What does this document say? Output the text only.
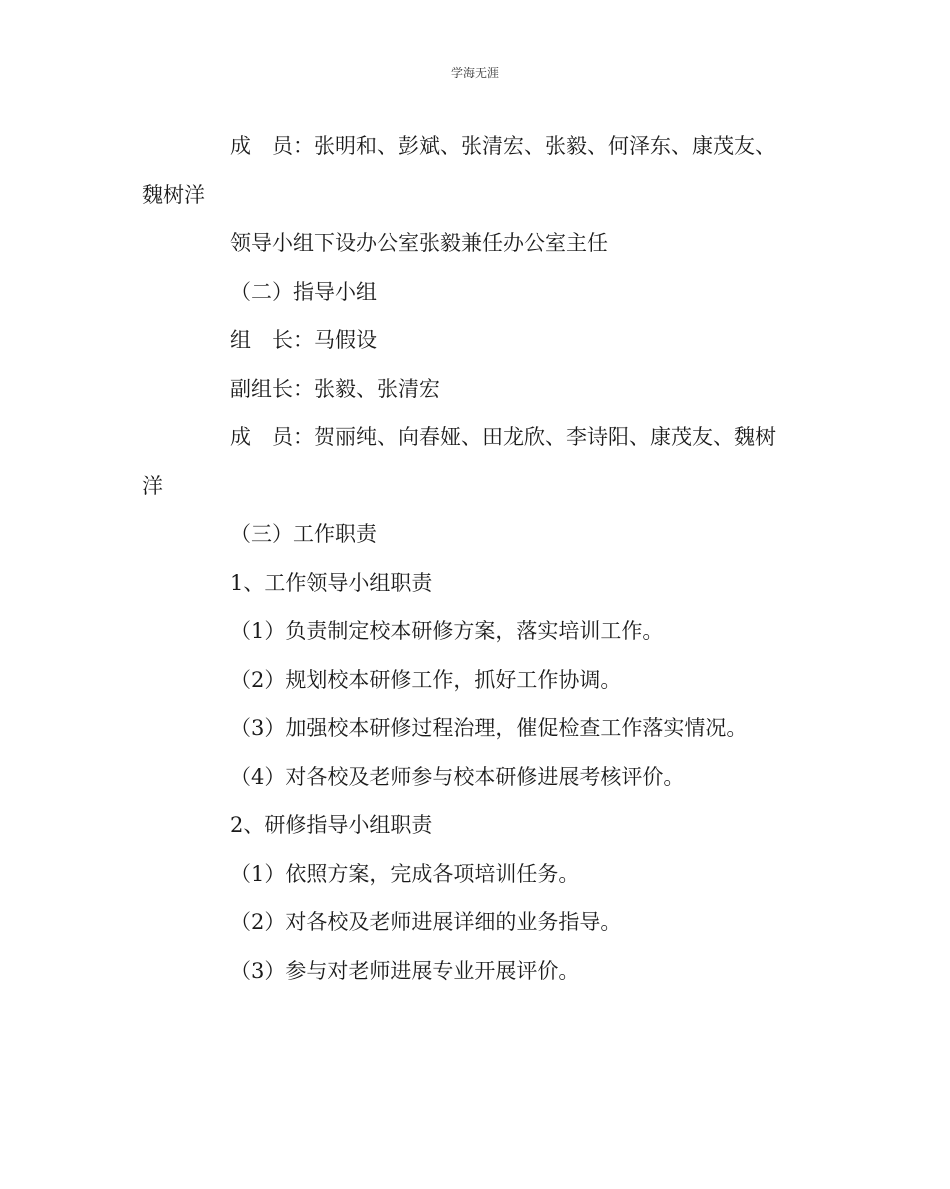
学海无涯
成　员：张明和、彭斌、张清宏、张毅、何泽东、康茂友、
魏树洋
领导小组下设办公室张毅兼任办公室主任
（二）指导小组
组　长：马假设
副组长：张毅、张清宏
成　员：贺丽纯、向春娅、田龙欣、李诗阳、康茂友、魏树
洋
（三）工作职责
1、工作领导小组职责
（1）负责制定校本研修方案，落实培训工作。
（2）规划校本研修工作，抓好工作协调。
（3）加强校本研修过程治理，催促检查工作落实情况。
（4）对各校及老师参与校本研修进展考核评价。
2、研修指导小组职责
（1）依照方案，完成各项培训任务。
（2）对各校及老师进展详细的业务指导。
（3）参与对老师进展专业开展评价。
